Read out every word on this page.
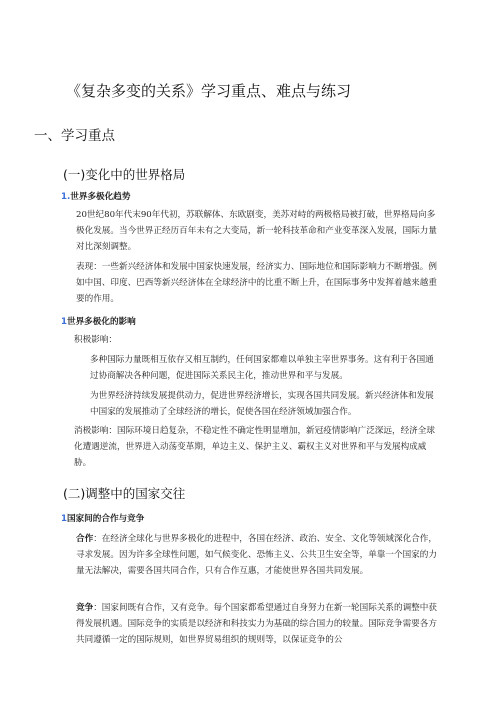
《复杂多变的关系》学习重点、难点与练习
一、学习重点
(一)变化中的世界格局
1.世界多极化趋势
20世纪80年代末90年代初，苏联解体、东欧剧变，美苏对峙的两极格局被打破，世界格局向多极化发展。当今世界正经历百年未有之大变局，新一轮科技革命和产业变革深入发展，国际力量对比深刻调整。
表现：一些新兴经济体和发展中国家快速发展，经济实力、国际地位和国际影响力不断增强。例如中国、印度、巴西等新兴经济体在全球经济中的比重不断上升，在国际事务中发挥着越来越重要的作用。
1世界多极化的影响
积极影响：
多种国际力量既相互依存又相互制约，任何国家都难以单独主宰世界事务。这有利于各国通过协商解决各种问题，促进国际关系民主化，推动世界和平与发展。
为世界经济持续发展提供动力，促进世界经济增长，实现各国共同发展。新兴经济体和发展中国家的发展推动了全球经济的增长，促使各国在经济领域加强合作。
消极影响：国际环境日趋复杂，不稳定性不确定性明显增加，新冠疫情影响广泛深远，经济全球化遭遇逆流，世界进入动荡变革期，单边主义、保护主义、霸权主义对世界和平与发展构成威胁。
(二)调整中的国家交往
1国家间的合作与竞争
合作：在经济全球化与世界多极化的进程中，各国在经济、政治、安全、文化等领域深化合作，寻求发展。因为许多全球性问题，如气候变化、恐怖主义、公共卫生安全等，单靠一个国家的力量无法解决，需要各国共同合作，只有合作互惠，才能使世界各国共同发展。
竞争：国家间既有合作，又有竞争。每个国家都希望通过自身努力在新一轮国际关系的调整中获得发展机遇。国际竞争的实质是以经济和科技实力为基础的综合国力的较量。国际竞争需要各方共同遵循一定的国际规则，如世界贸易组织的规则等，以保证竞争的公
